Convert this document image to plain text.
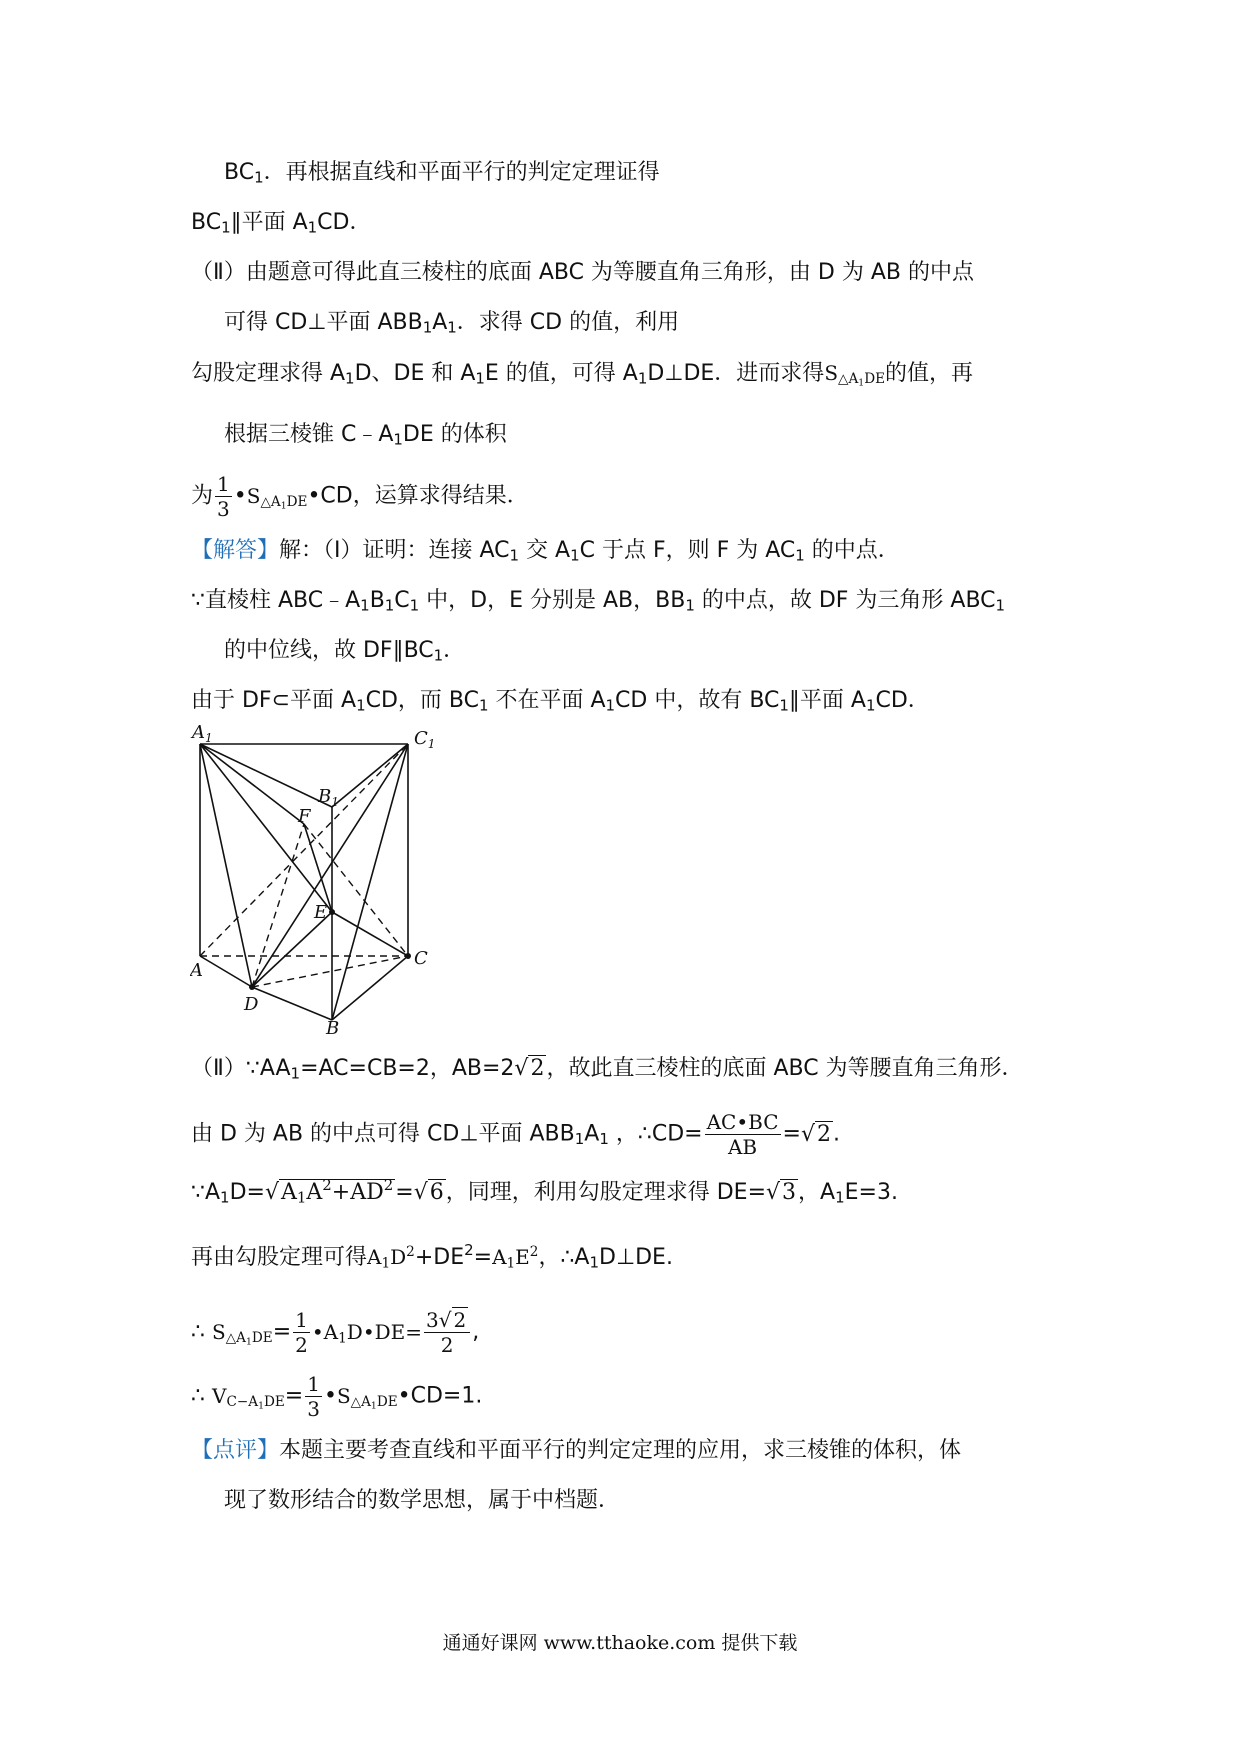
$BC_1$．再根据直线和平面平行的判定定理证得
$BC_1\parallel$平面 $A_1CD$．
（Ⅱ）由题意可得此直三棱柱的底面 ABC 为等腰直角三角形，由 D 为 AB 的中点
可得 CD⊥平面 $ABB_1A_1$．求得 CD 的值，利用
勾股定理求得 $A_1D$、DE 和 $A_1E$ 的值，可得 $A_1D\perp DE$．进而求得$S_{\triangle A_1DE}$的值，再
根据三棱锥 $C﹣A_1DE$ 的体积
为 $\frac{1}{3}$ $•S_{\triangle A_1DE}•CD$，运算求得结果．
【解答】解：（Ⅰ）证明：连接 $AC_1$ 交 $A_1C$ 于点 F，则 F 为 $AC_1$ 的中点．
∵直棱柱 $ABC﹣A_1B_1C_1$ 中，D，E 分别是 AB，$BB_1$ 的中点，故 DF 为三角形 $ABC_1$
的中位线，故 $DF\parallel BC_1$．
由于 DF⊂平面 $A_1CD$，而 $BC_1$ 不在平面 $A_1CD$ 中，故有 $BC_1\parallel$平面 $A_1CD$．
$A_1$	$C_1$
$B_1$
F
E
A
C
D
B
$(Ⅱ)\because AA_1=AC=CB=2$，AB=2√2，故此直三棱柱的底面 ABC 为等腰直角三角形．
由 D 为 AB 的中点可得 CD⊥平面 $ABB_1A_1$ ，∴CD= $\frac{AC•BC}{AB} =√2$.
$\because A_1D=√A_1A^2+AD^2=√6$，同理，利用勾股定理求得 DE=√3，$A_1E=3$.
再由勾股定理可得$A_1D^2+DE^2=A_1E^2$，$\therefore A_1D\perp DE$.
∴ $S_{\triangle A_1DE}= \frac{1}{2}$ $•A_1D•DE= \frac{3√ 2}{2}$ ,
∴ $V_{C-A_1DE}= \frac{1}{3}$ $•S_{\triangle A_1DE}•CD=1$.
【点评】本题主要考查直线和平面平行的判定定理的应用，求三棱锥的体积，体
现了数形结合的数学思想，属于中档题．
通通好课网 www.tthaoke.com 提供下载
